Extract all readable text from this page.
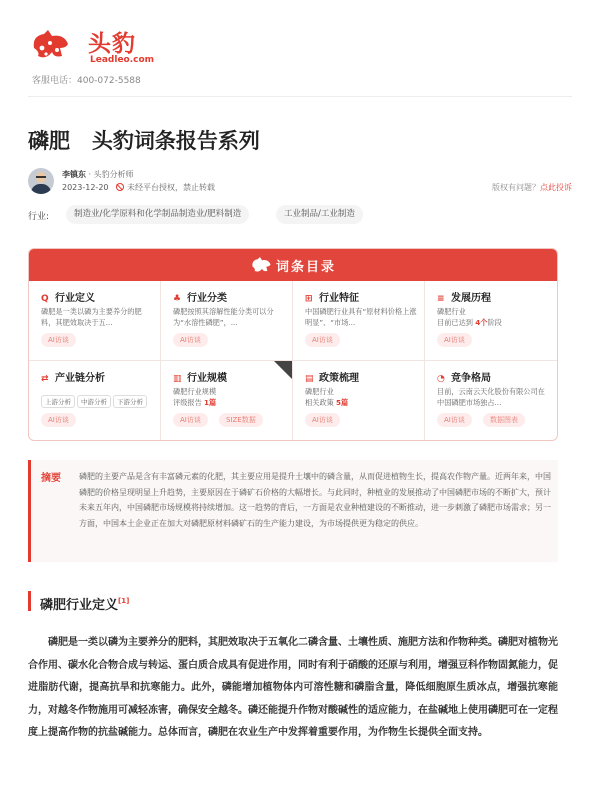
头豹
Leadleo.com
客服电话：400-072-5588
磷肥   头豹词条报告系列
李镇东 · 头豹分析师
2023-12-20	未经平台授权，禁止转载	版权有问题？点此投诉
行业:	制造业/化学原料和化学制品制造业/肥料制造	工业制品/工业制造
词条目录
Q 行业定义
磷肥是一类以磷为主要养分的肥料，其肥效取决于五...
AI访谈
♣ 行业分类
磷肥按照其溶解性能分类可以分为“水溶性磷肥”，...
AI访谈
⊞ 行业特征
中国磷肥行业具有“原材料价格上涨明显”、“市场...
AI访谈
≡ 发展历程
磷肥行业
目前已达到 4个阶段
AI访谈
⇄ 产业链分析
上游分析 中游分析 下游分析
AI访谈
▥ 行业规模
磷肥行业规模
评级报告 1篇
AI访谈	SIZE数据
▤ 政策梳理
磷肥行业
相关政策 5篇
AI访谈
◔ 竞争格局
目前，云南云天化股份有限公司在中国磷肥市场独占...
AI访谈	数据图表
摘要 磷肥的主要产品是含有丰富磷元素的化肥，其主要应用是提升土壤中的磷含量，从而促进植物生长，提高农作物产量。近两年来，中国磷肥的价格呈现明显上升趋势，主要原因在于磷矿石价格的大幅增长。与此同时，种植业的发展推动了中国磷肥市场的不断扩大，预计未来五年内，中国磷肥市场规模将持续增加。这一趋势的背后，一方面是农业种植建设的不断推动，进一步刺激了磷肥市场需求；另一方面，中国本土企业正在加大对磷肥原材料磷矿石的生产能力建设，为市场提供更为稳定的供应。
磷肥行业定义[1]

磷肥是一类以磷为主要养分的肥料，其肥效取决于五氧化二磷含量、土壤性质、施肥方法和作物种类。磷肥对植物光合作用、碳水化合物合成与转运、蛋白质合成具有促进作用，同时有利于硝酸的还原与利用，增强豆科作物固氮能力，促进脂肪代谢，提高抗旱和抗寒能力。此外，磷能增加植物体内可溶性糖和磷脂含量，降低细胞原生质冰点，增强抗寒能力，对越冬作物施用可减轻冻害，确保安全越冬。磷还能提升作物对酸碱性的适应能力，在盐碱地上使用磷肥可在一定程度上提高作物的抗盐碱能力。总体而言，磷肥在农业生产中发挥着重要作用，为作物生长提供全面支持。
